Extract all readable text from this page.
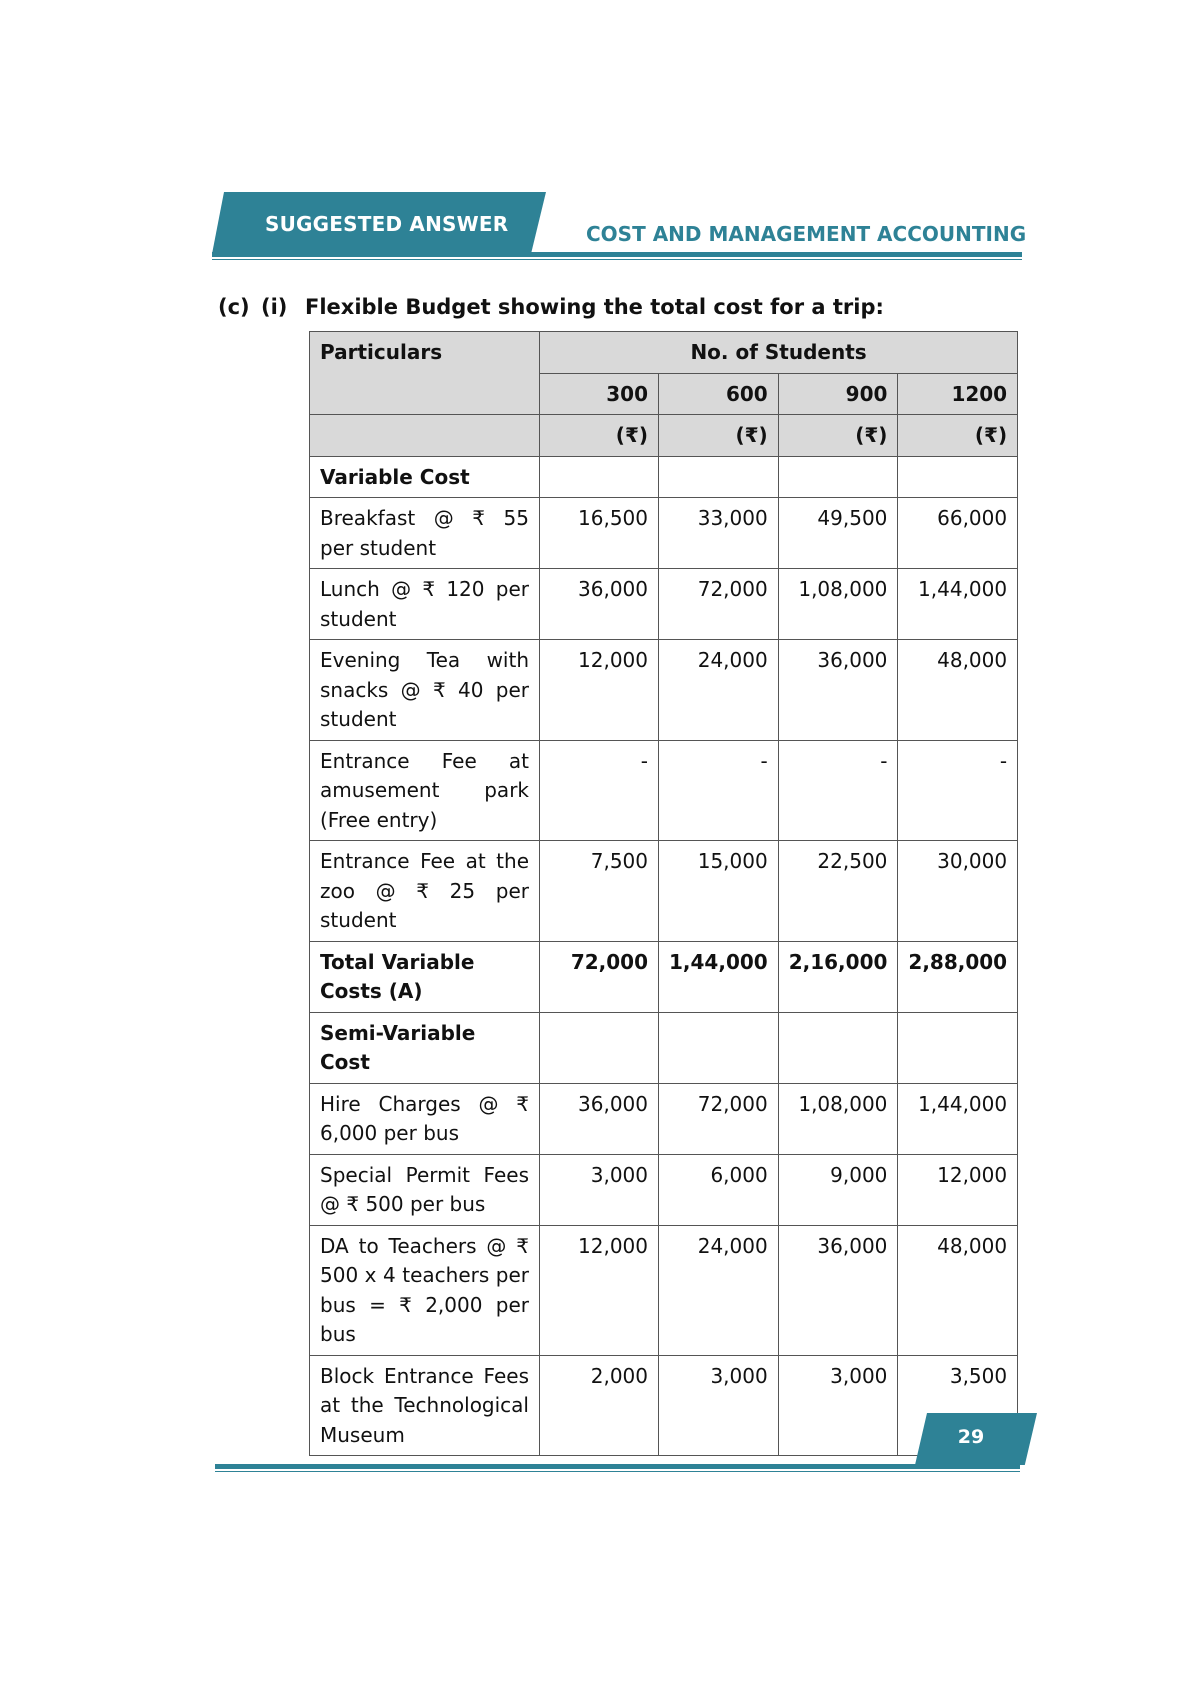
SUGGESTED ANSWER	COST AND MANAGEMENT ACCOUNTING
(c) (i) Flexible Budget showing the total cost for a trip:
Particulars	No. of Students			
	300	600	900	1200
	(₹)	(₹)	(₹)	(₹)
Variable Cost				
Breakfast @ ₹ 55 per student	16,500	33,000	49,500	66,000
Lunch @ ₹ 120 per student	36,000	72,000	1,08,000	1,44,000
Evening Tea with snacks @ ₹ 40 per student	12,000	24,000	36,000	48,000
Entrance Fee at amusement park (Free entry)	-	-	-	-
Entrance Fee at the zoo @ ₹ 25 per student	7,500	15,000	22,500	30,000
Total Variable Costs (A)	72,000	1,44,000	2,16,000	2,88,000
Semi-Variable Cost				
Hire Charges @ ₹ 6,000 per bus	36,000	72,000	1,08,000	1,44,000
Special Permit Fees @ ₹ 500 per bus	3,000	6,000	9,000	12,000
DA to Teachers @ ₹ 500 x 4 teachers per bus = ₹ 2,000 per bus	12,000	24,000	36,000	48,000
Block Entrance Fees at the Technological Museum	2,000	3,000	3,000	3,500
29
